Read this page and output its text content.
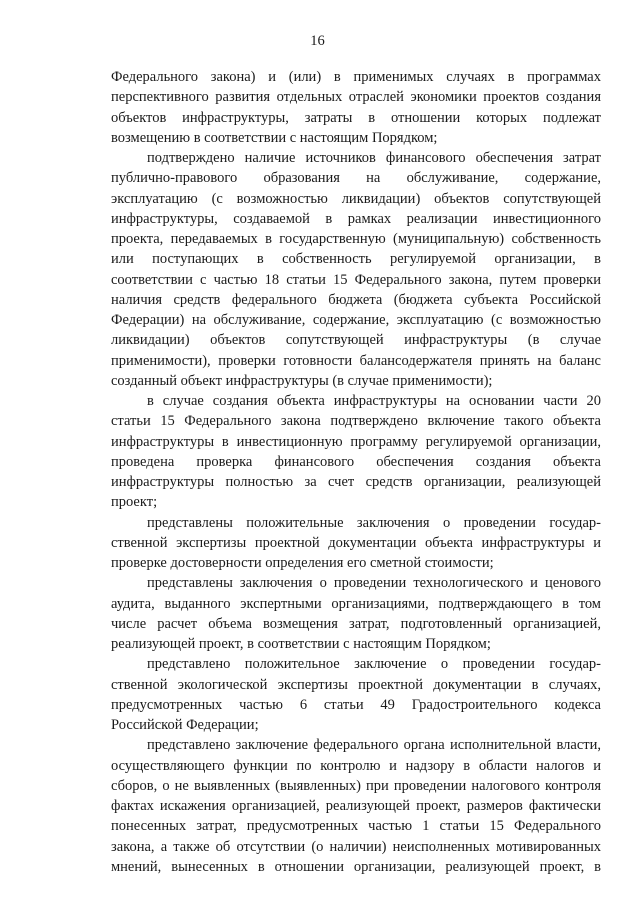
16
Федерального закона) и (или) в применимых случаях в программах
перспективного развития отдельных отраслей экономики проектов создания
объектов инфраструктуры, затраты в отношении которых подлежат
возмещению в соответствии с настоящим Порядком;
подтверждено наличие источников финансового обеспечения затрат
публично-правового образования на обслуживание, содержание,
эксплуатацию (с возможностью ликвидации) объектов сопутствующей
инфраструктуры, создаваемой в рамках реализации инвестиционного
проекта, передаваемых в государственную (муниципальную) собственность
или поступающих в собственность регулируемой организации, в
соответствии с частью 18 статьи 15 Федерального закона, путем проверки
наличия средств федерального бюджета (бюджета субъекта Российской
Федерации) на обслуживание, содержание, эксплуатацию (с возможностью
ликвидации) объектов сопутствующей инфраструктуры (в случае
применимости), проверки готовности балансодержателя принять на баланс
созданный объект инфраструктуры (в случае применимости);
в случае создания объекта инфраструктуры на основании части 20
статьи 15 Федерального закона подтверждено включение такого объекта
инфраструктуры в инвестиционную программу регулируемой организации,
проведена проверка финансового обеспечения создания объекта
инфраструктуры полностью за счет средств организации, реализующей
проект;
представлены положительные заключения о проведении государ-
ственной экспертизы проектной документации объекта инфраструктуры и
проверке достоверности определения его сметной стоимости;
представлены заключения о проведении технологического и ценового
аудита, выданного экспертными организациями, подтверждающего в том
числе расчет объема возмещения затрат, подготовленный организацией,
реализующей проект, в соответствии с настоящим Порядком;
представлено положительное заключение о проведении государ-
ственной экологической экспертизы проектной документации в случаях,
предусмотренных частью 6 статьи 49 Градостроительного кодекса
Российской Федерации;
представлено заключение федерального органа исполнительной власти,
осуществляющего функции по контролю и надзору в области налогов и
сборов, о не выявленных (выявленных) при проведении налогового контроля
фактах искажения организацией, реализующей проект, размеров фактически
понесенных затрат, предусмотренных частью 1 статьи 15 Федерального
закона, а также об отсутствии (о наличии) неисполненных мотивированных
мнений, вынесенных в отношении организации, реализующей проект, в
